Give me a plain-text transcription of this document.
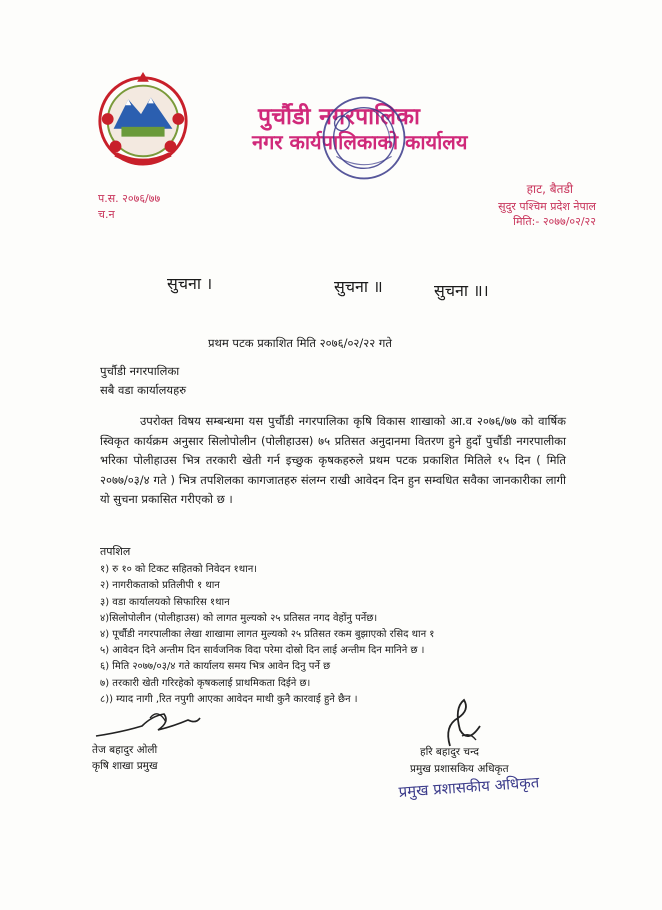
पुर्चौडी नगरपालिका
नगर कार्यपालिकाको कार्यालय
प.स. २०७६/७७
च.न
हाट, बैतडी
सुदुर पश्चिम प्रदेश नेपाल
मिति:- २०७७/०२/२२
सुचना ।	सुचना ॥	सुचना ॥।
प्रथम पटक प्रकाशित मिति २०७६/०२/२२ गते
पुर्चौडी नगरपालिका
सबै वडा कार्यालयहरु
उपरोक्त विषय सम्बन्धमा यस पुर्चौडी नगरपालिका कृषि विकास शाखाको आ.व २०७६/७७ को वार्षिक स्विकृत कार्यक्रम अनुसार सिलोपोलीन (पोलीहाउस) ७५ प्रतिसत अनुदानमा वितरण हुने हुदाँ पुर्चौडी नगरपालीका भरिका पोलीहाउस भित्र तरकारी खेती गर्न इच्छुक कृषकहरुले प्रथम पटक प्रकाशित मितिले १५ दिन ( मिति २०७७/०३/४ गते ) भित्र तपशिलका कागजातहरु संलग्न राखी आवेदन दिन हुन सम्वधित सवैका जानकारीका लागी यो सुचना प्रकासित गरीएको छ ।
तपशिल
१) रु १० को टिकट सहितको निवेदन १थान।
२) नागरीकताको प्रतिलीपी १ थान
३) वडा कार्यालयको सिफारिस १थान
४)सिलोपोलीन (पोलीहाउस) को लागत मुल्यको २५ प्रतिसत नगद वेहोंनु पर्नेछ।
४) पूर्चौडी नगरपालीका लेखा शाखामा लागत मुल्यको २५ प्रतिसत रकम बुझाएको रसिद थान १
५) आवेदन दिने अन्तीम दिन सार्वजनिक विदा परेमा दोस्रो दिन लाई अन्तीम दिन मानिने छ ।
६) मिति २०७७/०३/४ गते कार्यालय समय भित्र आवेन दिनु पर्ने छ
७) तरकारी खेती गरिरहेको कृषकलाई प्राथमिकता दिईने छ।
८)) म्याद नागी ,रित नपुगी आएका आवेदन माथी कुनै कारवाई हुने छैन ।
तेज बहादुर ओली
कृषि शाखा प्रमुख
हरि बहादुर चन्द
प्रमुख प्रशासकिय अधिकृत
प्रमुख प्रशासकीय अधिकृत
